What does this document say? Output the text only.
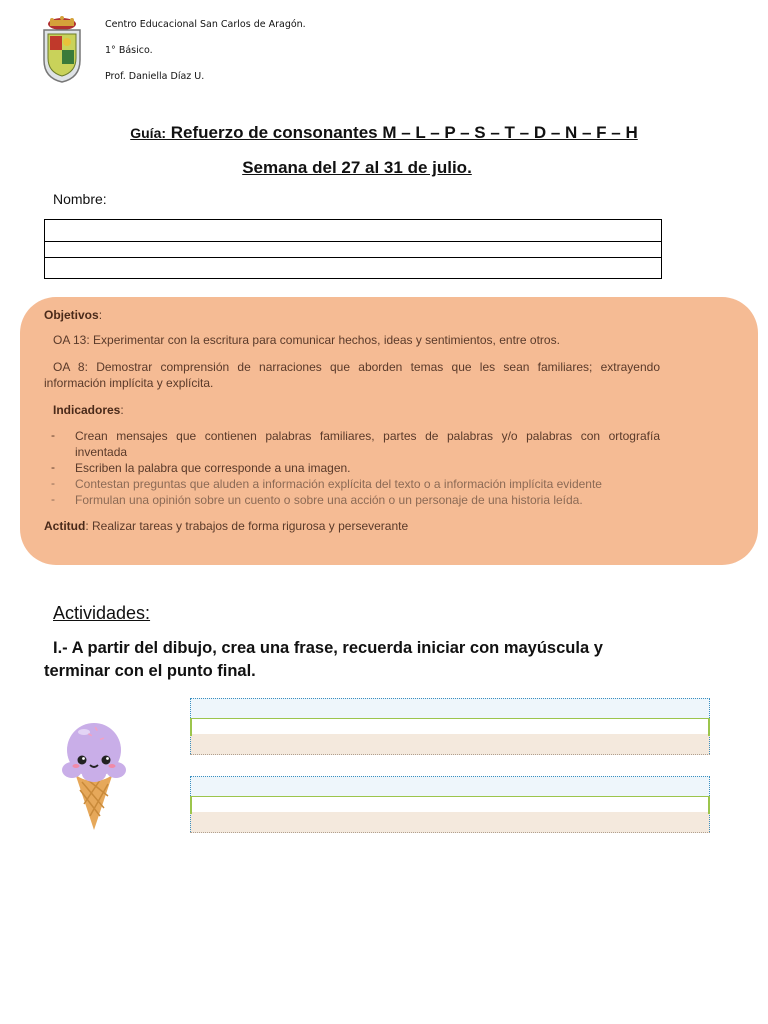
Centro Educacional San Carlos de Aragón.
1° Básico.
Prof. Daniella Díaz U.
Guía: Refuerzo de consonantes M – L – P – S – T – D – N – F – H
Semana del 27 al 31 de julio.
Nombre:
Objetivos:
OA 13: Experimentar con la escritura para comunicar hechos, ideas y sentimientos, entre otros.
OA 8: Demostrar comprensión de narraciones que aborden temas que les sean familiares; extrayendo
información implícita y explícita.
Indicadores:
- Crean mensajes que contienen palabras familiares, partes de palabras y/o palabras con ortografía
inventada
- Escriben la palabra que corresponde a una imagen.
- Contestan preguntas que aluden a información explícita del texto o a información implícita evidente
- Formulan una opinión sobre un cuento o sobre una acción o un personaje de una historia leída.
Actitud: Realizar tareas y trabajos de forma rigurosa y perseverante
Actividades:
I.- A partir del dibujo, crea una frase, recuerda iniciar con mayúscula y
terminar con el punto final.
